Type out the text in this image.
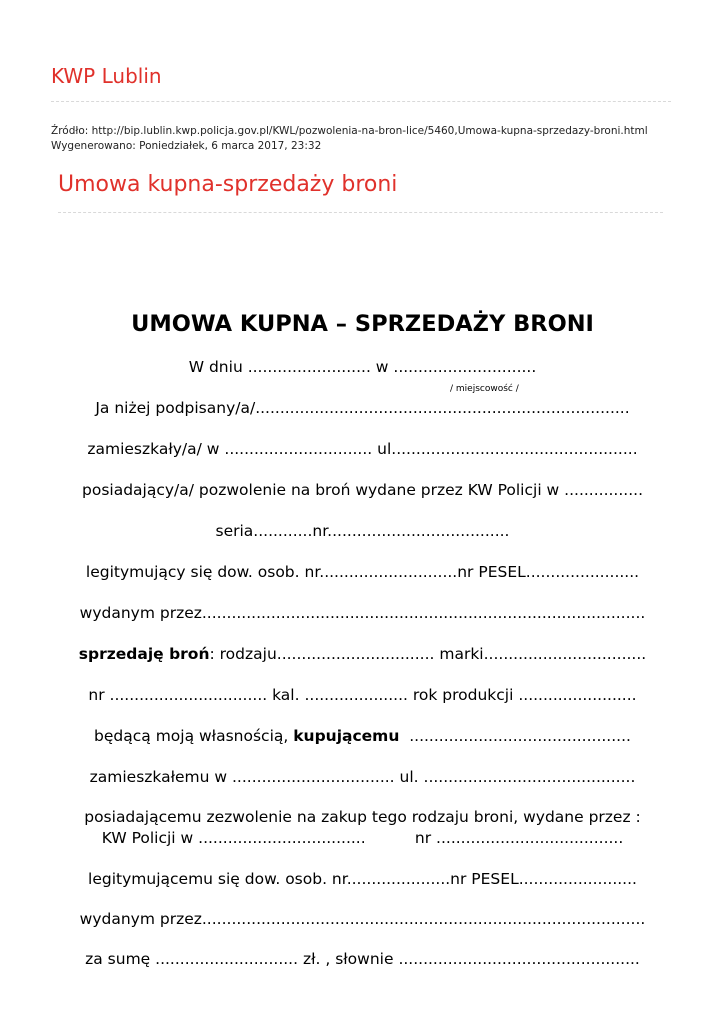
KWP Lublin
Źródło: http://bip.lublin.kwp.policja.gov.pl/KWL/pozwolenia-na-bron-lice/5460,Umowa-kupna-sprzedazy-broni.html
Wygenerowano: Poniedziałek, 6 marca 2017, 23:32
Umowa kupna-sprzedaży broni
UMOWA KUPNA – SPRZEDAŻY BRONI
W dniu ......................... w .............................
/ miejscowość /
Ja niżej podpisany/a/............................................................................
zamieszkały/a/ w .............................. ul..................................................
posiadający/a/ pozwolenie na broń wydane przez KW Policji w ................
seria............nr.....................................
legitymujący się dow. osob. nr............................nr PESEL.......................
wydanym przez..........................................................................................
sprzedaję broń: rodzaju................................ marki.................................
nr ................................ kal. ..................... rok produkcji ........................
będącą moją własnością, kupującemu  .............................................
zamieszkałemu w ................................. ul. ...........................................
posiadającemu zezwolenie na zakup tego rodzaju broni, wydane przez :
KW Policji w ..................................          nr ......................................
legitymującemu się dow. osob. nr.....................nr PESEL........................
wydanym przez..........................................................................................
za sumę ............................. zł. , słownie .................................................
